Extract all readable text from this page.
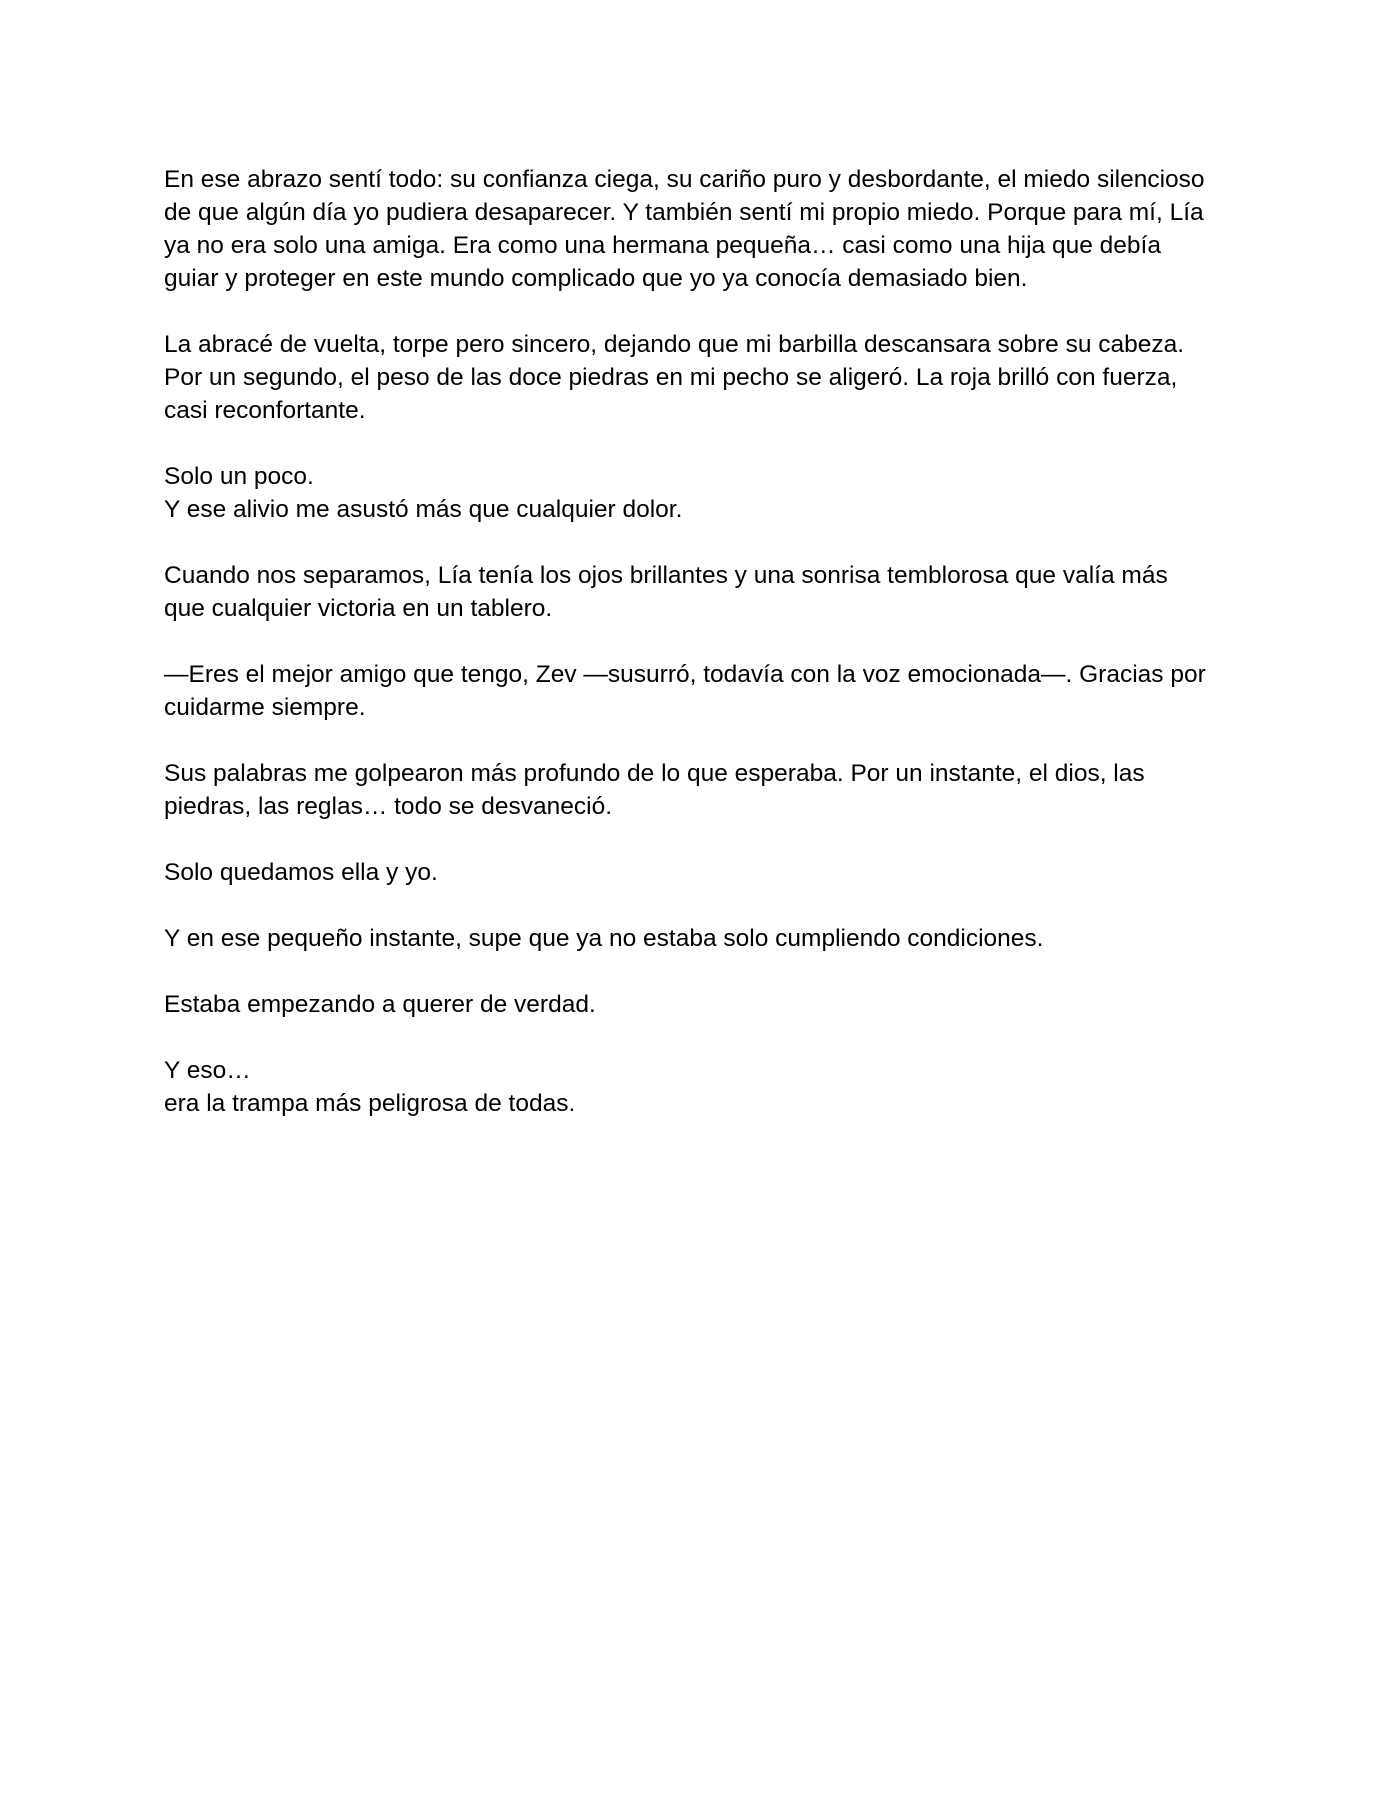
En ese abrazo sentí todo: su confianza ciega, su cariño puro y desbordante, el miedo silencioso
de que algún día yo pudiera desaparecer. Y también sentí mi propio miedo. Porque para mí, Lía
ya no era solo una amiga. Era como una hermana pequeña… casi como una hija que debía
guiar y proteger en este mundo complicado que yo ya conocía demasiado bien.

La abracé de vuelta, torpe pero sincero, dejando que mi barbilla descansara sobre su cabeza.
Por un segundo, el peso de las doce piedras en mi pecho se aligeró. La roja brilló con fuerza,
casi reconfortante.

Solo un poco.
Y ese alivio me asustó más que cualquier dolor.

Cuando nos separamos, Lía tenía los ojos brillantes y una sonrisa temblorosa que valía más
que cualquier victoria en un tablero.

—Eres el mejor amigo que tengo, Zev —susurró, todavía con la voz emocionada—. Gracias por
cuidarme siempre.

Sus palabras me golpearon más profundo de lo que esperaba. Por un instante, el dios, las
piedras, las reglas… todo se desvaneció.

Solo quedamos ella y yo.

Y en ese pequeño instante, supe que ya no estaba solo cumpliendo condiciones.

Estaba empezando a querer de verdad.

Y eso…
era la trampa más peligrosa de todas.
